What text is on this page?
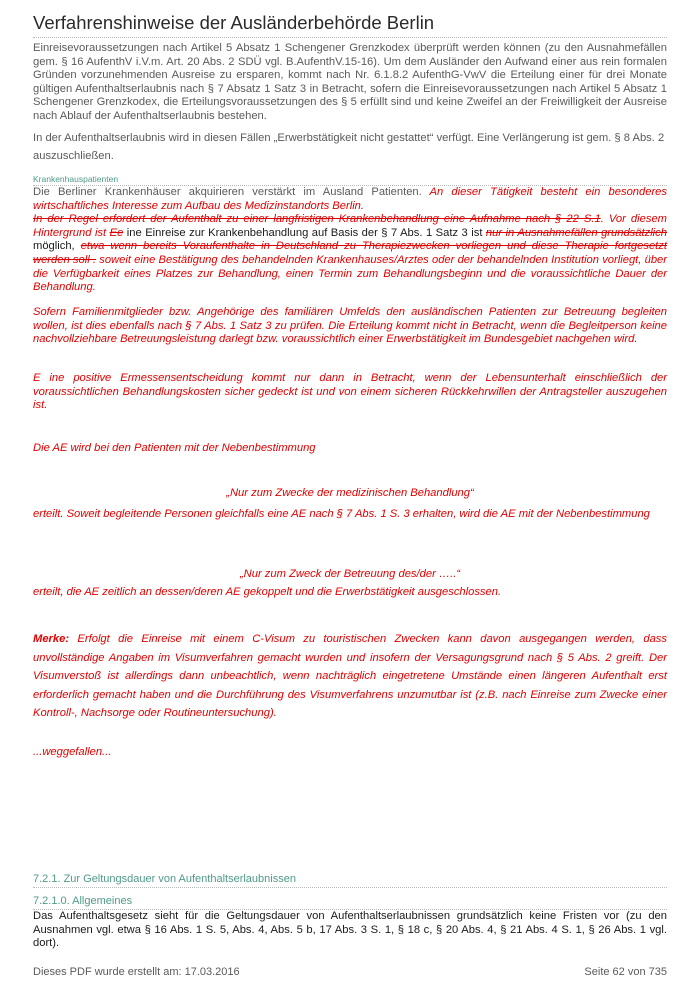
Verfahrenshinweise der Ausländerbehörde Berlin
Einreisevoraussetzungen nach Artikel 5 Absatz 1 Schengener Grenzkodex überprüft werden können (zu den Ausnahmefällen gem. § 16 AufenthV i.V.m. Art. 20 Abs. 2 SDÜ vgl. B.AufenthV.15-16). Um dem Ausländer den Aufwand einer aus rein formalen Gründen vorzunehmenden Ausreise zu ersparen, kommt nach Nr. 6.1.8.2 AufenthG-VwV die Erteilung einer für drei Monate gültigen Aufenthaltserlaubnis nach § 7 Absatz 1 Satz 3 in Betracht, sofern die Einreisevoraussetzungen nach Artikel 5 Absatz 1 Schengener Grenzkodex, die Erteilungsvoraussetzungen des § 5 erfüllt sind und keine Zweifel an der Freiwilligkeit der Ausreise nach Ablauf der Aufenthaltserlaubnis bestehen.
In der Aufenthaltserlaubnis wird in diesen Fällen „Erwerbstätigkeit nicht gestattet“ verfügt. Eine Verlängerung ist gem. § 8 Abs. 2 auszuschließen.
Krankenhauspatienten
Die Berliner Krankenhäuser akquirieren verstärkt im Ausland Patienten. An dieser Tätigkeit besteht ein besonderes wirtschaftliches Interesse zum Aufbau des Medizinstandorts Berlin.
In der Regel erfordert der Aufenthalt zu einer langfristigen Krankenbehandlung eine Aufnahme nach § 22 S.1. Vor diesem Hintergrund ist Ee ine Einreise zur Krankenbehandlung auf Basis der § 7 Abs. 1 Satz 3 ist nur in Ausnahmefällen grundsätzlich möglich, etwa wenn bereits Voraufenthalte in Deutschland zu Therapiezwecken vorliegen und diese Therapie fortgesetzt werden soll . soweit eine Bestätigung des behandelnden Krankenhauses/Arztes oder der behandelnden Institution vorliegt, über die Verfügbarkeit eines Platzes zur Behandlung, einen Termin zum Behandlungsbeginn und die voraussichtliche Dauer der Behandlung.
Sofern Familienmitglieder bzw. Angehörige des familiären Umfelds den ausländischen Patienten zur Betreuung begleiten wollen, ist dies ebenfalls nach § 7 Abs. 1 Satz 3 zu prüfen. Die Erteilung kommt nicht in Betracht, wenn die Begleitperson keine nachvollziehbare Betreuungsleistung darlegt bzw. voraussichtlich einer Erwerbstätigkeit im Bundesgebiet nachgehen wird.
E ine positive Ermessensentscheidung kommt nur dann in Betracht, wenn der Lebensunterhalt einschließlich der voraussichtlichen Behandlungskosten sicher gedeckt ist und von einem sicheren Rückkehrwillen der Antragsteller auszugehen ist.
Die AE wird bei den Patienten mit der Nebenbestimmung
„Nur zum Zwecke der medizinischen Behandlung“
erteilt. Soweit begleitende Personen gleichfalls eine AE nach § 7 Abs. 1 S. 3 erhalten, wird die AE mit der Nebenbestimmung
„Nur zum Zweck der Betreuung des/der …..“
erteilt, die AE zeitlich an dessen/deren AE gekoppelt und die Erwerbstätigkeit ausgeschlossen.
Merke: Erfolgt die Einreise mit einem C-Visum zu touristischen Zwecken kann davon ausgegangen werden, dass unvollständige Angaben im Visumverfahren gemacht wurden und insofern der Versagungsgrund nach § 5 Abs. 2 greift. Der Visumverstoß ist allerdings dann unbeachtlich, wenn nachträglich eingetretene Umstände einen längeren Aufenthalt erst erforderlich gemacht haben und die Durchführung des Visumverfahrens unzumutbar ist (z.B. nach Einreise zum Zwecke einer Kontroll-, Nachsorge oder Routineuntersuchung).
...weggefallen...
7.2.1. Zur Geltungsdauer von Aufenthaltserlaubnissen
7.2.1.0. Allgemeines
Das Aufenthaltsgesetz sieht für die Geltungsdauer von Aufenthaltserlaubnissen grundsätzlich keine Fristen vor (zu den Ausnahmen vgl. etwa § 16 Abs. 1 S. 5, Abs. 4, Abs. 5 b, 17 Abs. 3 S. 1, § 18 c, § 20 Abs. 4, § 21 Abs. 4 S. 1, § 26 Abs. 1 vgl. dort).
Dieses PDF wurde erstellt am: 17.03.2016	Seite 62 von 735
